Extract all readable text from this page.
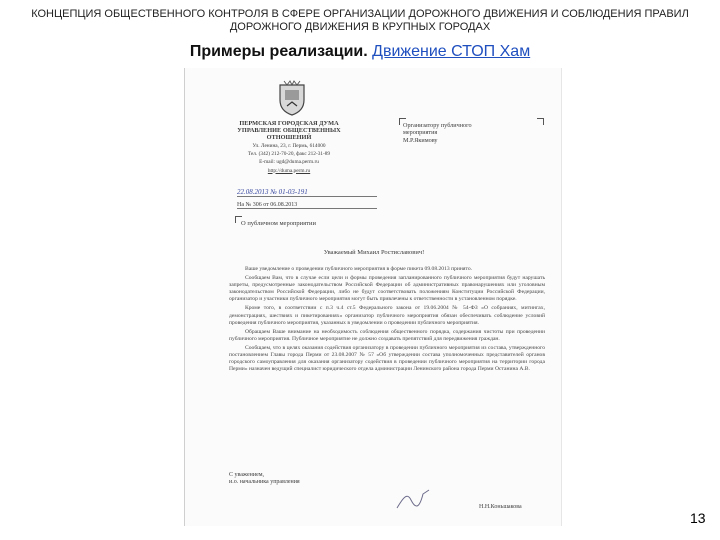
КОНЦЕПЦИЯ ОБЩЕСТВЕННОГО КОНТРОЛЯ В СФЕРЕ ОРГАНИЗАЦИИ ДОРОЖНОГО ДВИЖЕНИЯ И СОБЛЮДЕНИЯ ПРАВИЛ
ДОРОЖНОГО ДВИЖЕНИЯ В КРУПНЫХ ГОРОДАХ
Примеры реализации. Движение СТОП Хам
ПЕРМСКАЯ ГОРОДСКАЯ ДУМА
УПРАВЛЕНИЕ ОБЩЕСТВЕННЫХ
ОТНОШЕНИЙ
Ул. Ленина, 23, г. Пермь, 614000
Тел. (342) 212-70-20, факс 212-31-89
E-mail: ugd@duma.perm.ru
http://duma.perm.ru
Организатору публичного
мероприятия
М.Р.Якимову
22.08.2013 № 01-03-191
На № 306 от 06.08.2013
О публичном мероприятии
Уважаемый Михаил Ростиславович!

Ваше уведомление о проведении публичного мероприятия в форме пикета 09.08.2013 принято.

Сообщаем Вам, что в случае если цели и формы проведения запланированного публичного мероприятия будут нарушать запреты, предусмотренные законодательством Российской Федерации об административных правонарушениях или уголовным законодательством Российской Федерации, либо не будут соответствовать положениям Конституции Российской Федерации, организатор и участники публичного мероприятия могут быть привлечены к ответственности в установленном порядке.

Кроме того, в соответствии с п.3 ч.4 ст.5 Федерального закона от 19.06.2004 № 54-ФЗ «О собраниях, митингах, демонстрациях, шествиях и пикетированиях» организатор публичного мероприятия обязан обеспечивать соблюдение условий проведения публичного мероприятия, указанных в уведомлении о проведении публичного мероприятия.

Обращаем Ваше внимание на необходимость соблюдения общественного порядка, содержания чистоты при проведении публичного мероприятия. Публичное мероприятие не должно создавать препятствий для передвижения граждан.

Сообщаем, что в целях оказания содействия организатору в проведении публичного мероприятия из состава, утвержденного постановлением Главы города Перми от 23.08.2007 № 57 «Об утверждении состава уполномоченных представителей органов городского самоуправления для оказания организатору содействия в проведении публичного мероприятия на территории города Перми» назначен ведущий специалист юридического отдела администрации Ленинского района города Перми Останина А.В.

С уважением,
и.о. начальника управления
Н.Н.Коньшакова
13
